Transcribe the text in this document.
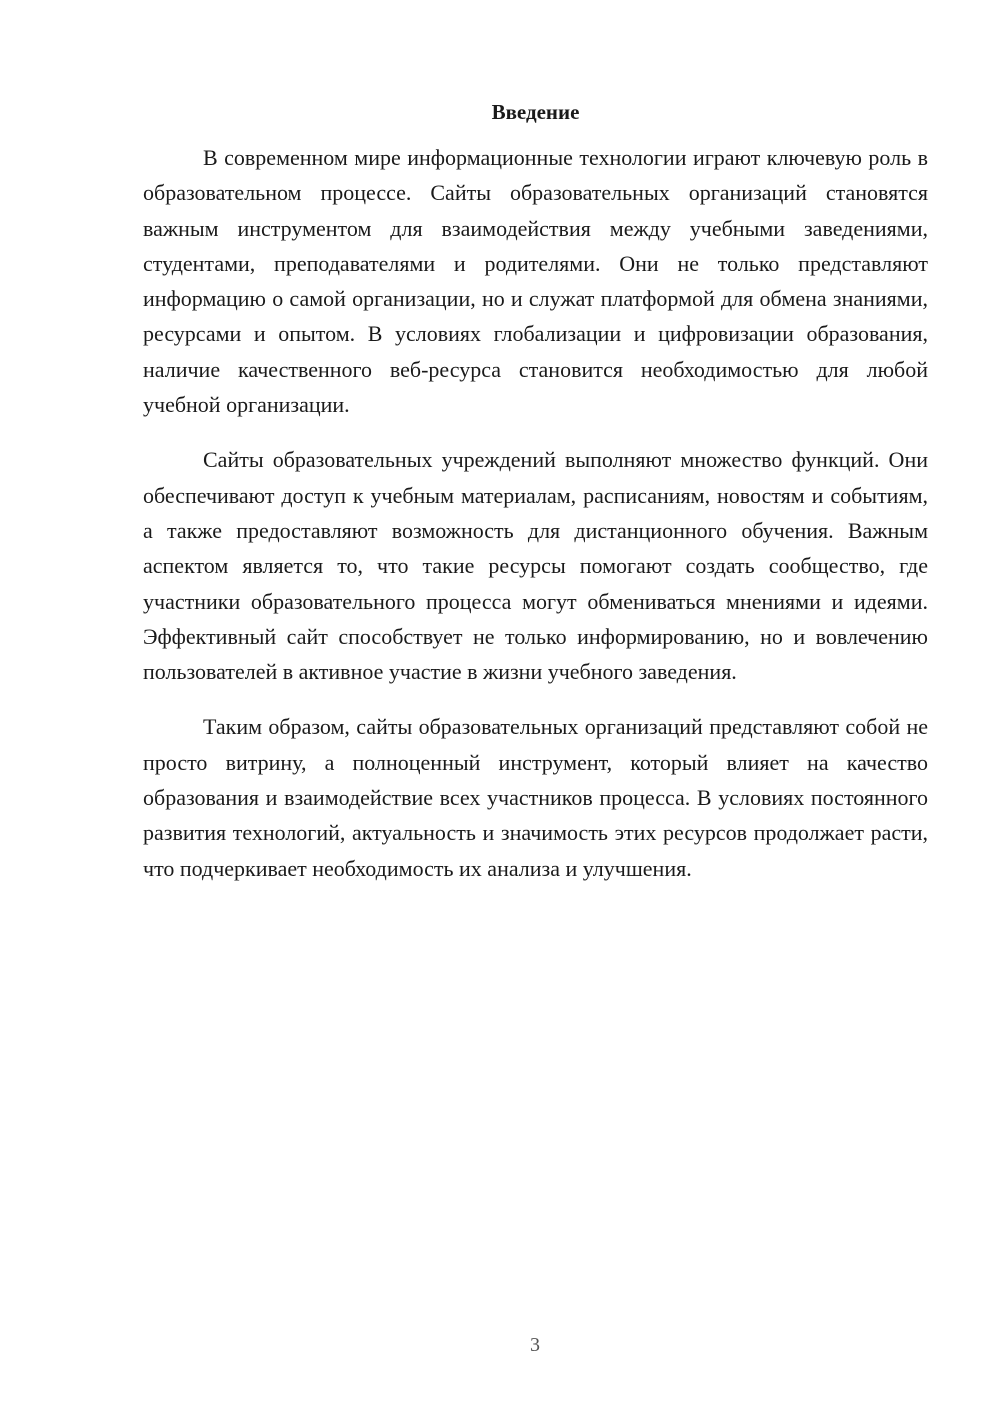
Введение

В современном мире информационные технологии играют ключевую роль в образовательном процессе. Сайты образовательных организаций становятся важным инструментом для взаимодействия между учебными заведениями, студентами, преподавателями и родителями. Они не только представляют информацию о самой организации, но и служат платформой для обмена знаниями, ресурсами и опытом. В условиях глобализации и цифровизации образования, наличие качественного веб-ресурса становится необходимостью для любой учебной организации.

Сайты образовательных учреждений выполняют множество функций. Они обеспечивают доступ к учебным материалам, расписаниям, новостям и событиям, а также предоставляют возможность для дистанционного обучения. Важным аспектом является то, что такие ресурсы помогают создать сообщество, где участники образовательного процесса могут обмениваться мнениями и идеями. Эффективный сайт способствует не только информированию, но и вовлечению пользователей в активное участие в жизни учебного заведения.

Таким образом, сайты образовательных организаций представляют собой не просто витрину, а полноценный инструмент, который влияет на качество образования и взаимодействие всех участников процесса. В условиях постоянного развития технологий, актуальность и значимость этих ресурсов продолжает расти, что подчеркивает необходимость их анализа и улучшения.

3
